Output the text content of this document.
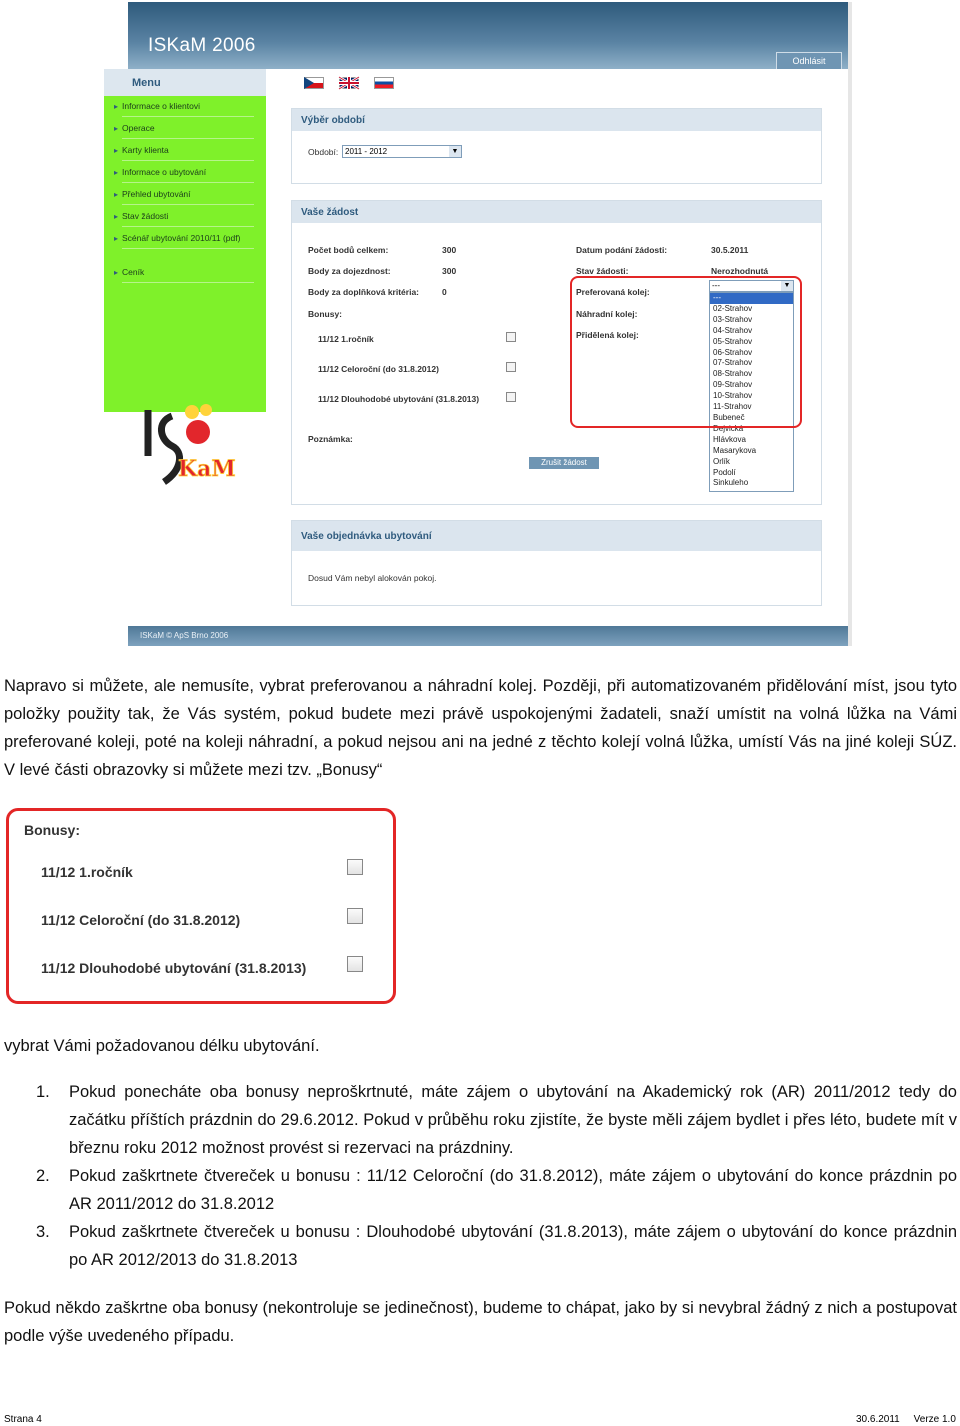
ISKaM 2006
Odhlásit
Menu
▸ Informace o klientovi
▸ Operace
▸ Karty klienta
▸ Informace o ubytování
▸ Přehled ubytování
▸ Stav žádosti
▸ Scénář ubytování 2010/11 (pdf)
▸ Ceník
KaM
Výběr období
Období: 2011 - 2012	▼
Vaše žádost
Počet bodů celkem:	300
Body za dojezdnost:	300
Body za doplňková kritéria:	0
Bonusy:
11/12 1.ročník
11/12 Celoroční (do 31.8.2012)
11/12 Dlouhodobé ubytování (31.8.2013)
Poznámka:
Datum podání žádosti:	30.5.2011
Stav žádosti:	Nerozhodnutá
Preferovaná kolej:
Náhradní kolej:
Přidělená kolej:
Zrušit žádost
---	▼
---
02-Strahov
03-Strahov
04-Strahov
05-Strahov
06-Strahov
07-Strahov
08-Strahov
09-Strahov
10-Strahov
11-Strahov
Bubeneč
Dejvická
Hlávkova
Masarykova
Orlík
Podolí
Sinkuleho
Vaše objednávka ubytování
Dosud Vám nebyl alokován pokoj.
ISKaM © ApS Brno 2006
Napravo si můžete, ale nemusíte, vybrat preferovanou a náhradní kolej. Později, při automatizovaném přidělování míst, jsou tyto položky použity tak, že Vás systém, pokud budete mezi právě uspokojenými žadateli, snaží umístit na volná lůžka na Vámi preferované koleji, poté na koleji náhradní, a pokud nejsou ani na jedné z těchto kolejí volná lůžka, umístí Vás na jiné koleji SÚZ. V levé části obrazovky si můžete mezi tzv. „Bonusy“
Bonusy:
11/12 1.ročník
11/12 Celoroční (do 31.8.2012)
11/12 Dlouhodobé ubytování (31.8.2013)
vybrat Vámi požadovanou délku ubytování.
1. Pokud ponecháte oba bonusy neproškrtnuté, máte zájem o ubytování na Akademický rok (AR) 2011/2012 tedy do začátku příštích prázdnin do 29.6.2012. Pokud v průběhu roku zjistíte, že byste měli zájem bydlet i přes léto, budete mít v březnu roku 2012 možnost provést si rezervaci na prázdniny.
2. Pokud zaškrtnete čtvereček u bonusu : 11/12 Celoroční (do 31.8.2012), máte zájem o ubytování do konce prázdnin po AR 2011/2012 do 31.8.2012
3. Pokud zaškrtnete čtvereček u bonusu : Dlouhodobé ubytování (31.8.2013), máte zájem o ubytování do konce prázdnin po AR 2012/2013 do 31.8.2013
Pokud někdo zaškrtne oba bonusy (nekontroluje se jedinečnost), budeme to chápat, jako by si nevybral žádný z nich a postupovat podle výše uvedeného případu.
Strana 4	30.6.2011     Verze 1.0
